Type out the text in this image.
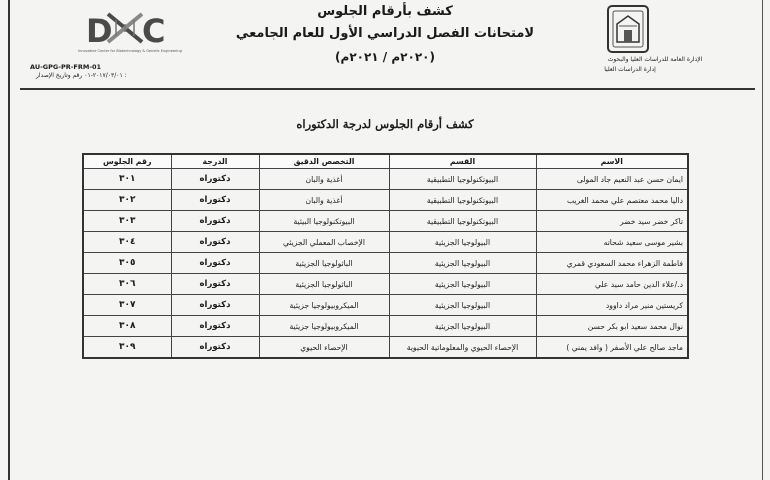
D C
Innovative Center for Biotechnology & Genetic Engineering
AU-GPG-PR-FRM-01
٢٠١٧/٠٣/٠١-٠١ رقم وتاريخ الإصدار :
كشف بأرقام الجلوس
لامتحانات الفصل الدراسي الأول للعام الجامعي
(٢٠٢٠م / ٢٠٢١م)	الإدارة العامة للدراسات العليا والبحوث
إدارة الدراسات العليا
كشف أرقام الجلوس لدرجة الدكتوراه
الاسم	القسم	التخصص الدقيق	الدرجة	رقم الجلوس
ايمان حسن عبد النعيم جاد المولى	البيوتكنولوجيا التطبيقية	أغذية والبان	دكتوراه	٣٠١
داليا محمد معتصم علي محمد الغريب	البيوتكنولوجيا التطبيقية	أغذية والبان	دكتوراه	٣٠٢
تاكر خضر سيد خضر	البيوتكنولوجيا التطبيقية	البيوتكنولوجيا البيئية	دكتوراه	٣٠٣
بشير موسى سعيد شحاته	البيولوجيا الجزيئية	الإخصاب المعملي الجزيئي	دكتوراه	٣٠٤
فاطمة الزهراء محمد السعودي قمري	البيولوجيا الجزيئية	الباثولوجيا الجزيئية	دكتوراه	٣٠٥
د./علاء الدين حامد سيد علي	البيولوجيا الجزيئية	الباثولوجيا الجزيئية	دكتوراه	٣٠٦
كريستين منير مراد داوود	البيولوجيا الجزيئية	الميكروبيولوجيا جزيئية	دكتوراه	٣٠٧
نوال محمد سعيد ابو بكر حسن	البيولوجيا الجزيئية	الميكروبيولوجيا جزيئية	دكتوراه	٣٠٨
ماجد صالح علي الأصفر ( وافد يمني )	الإحصاء الحيوي والمعلوماتية الحيوية	الإحصاء الحيوي	دكتوراه	٣٠٩
